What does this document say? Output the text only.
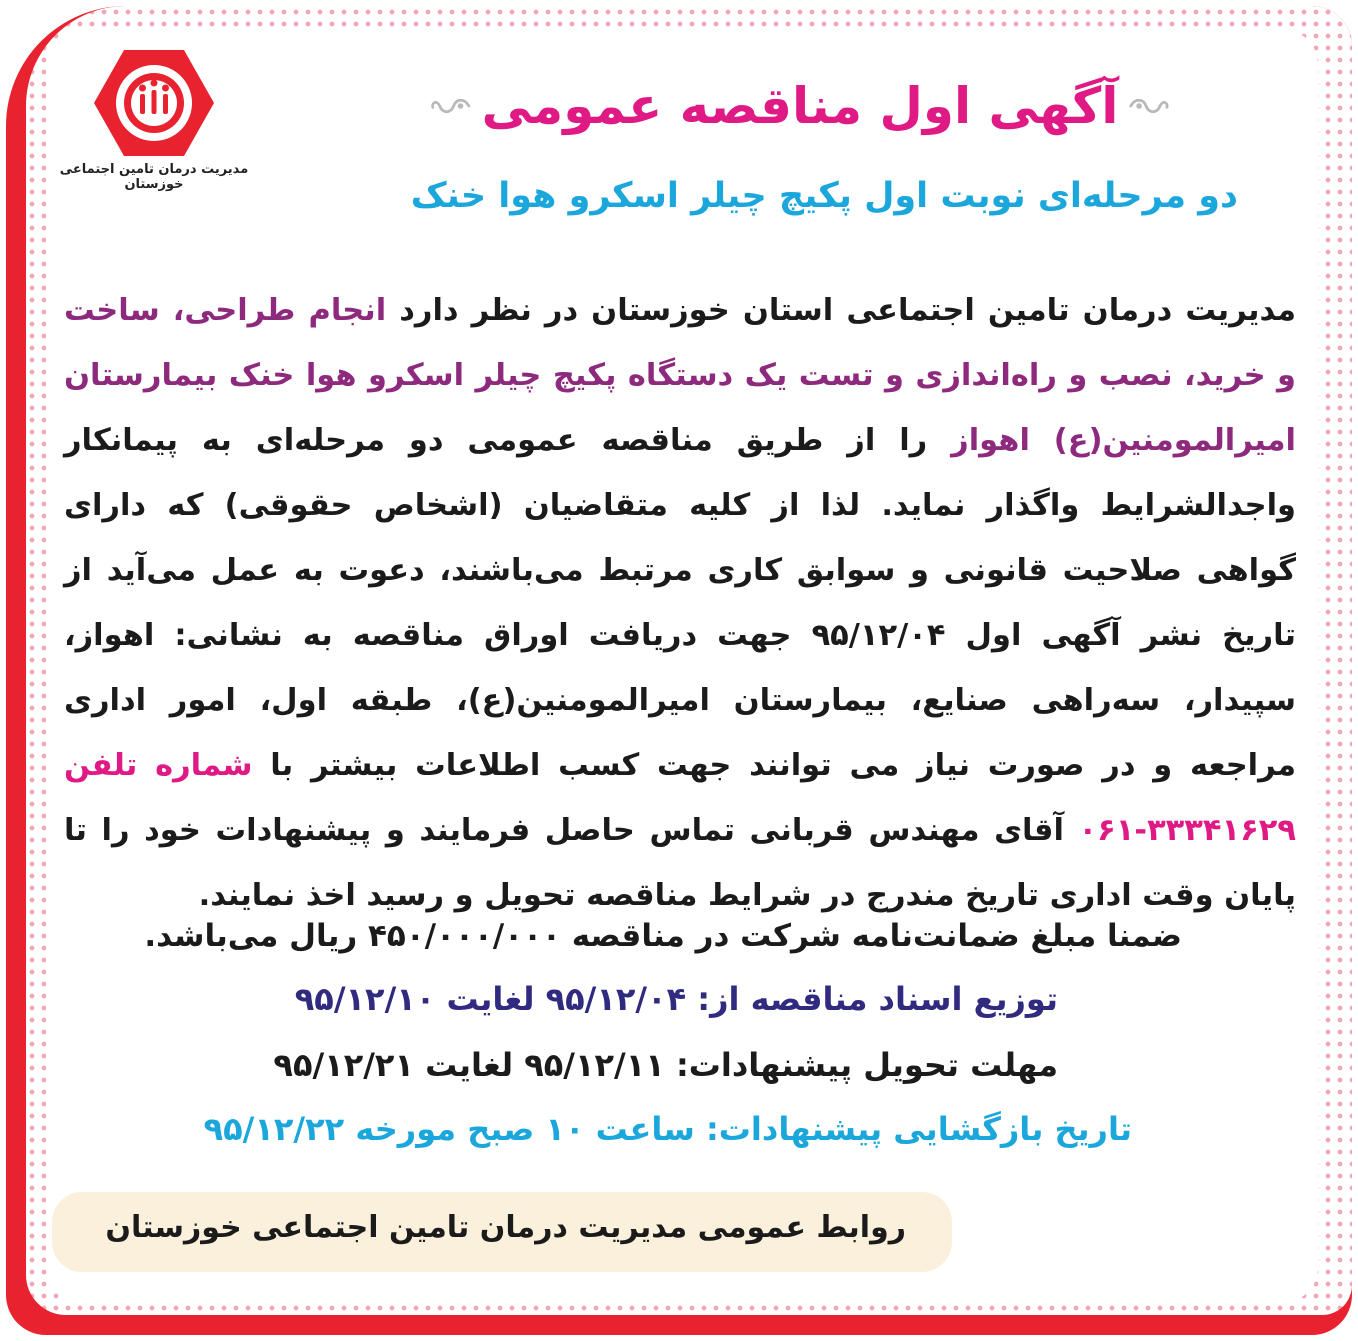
مدیریت درمان تامین اجتماعی خوزستان
آگهی اول مناقصه عمومی
دو مرحله‌ای نوبت اول پکیچ چیلر اسکرو هوا خنک
مدیریت درمان تامین اجتماعی استان خوزستان در نظر دارد انجام طراحی، ساخت و خرید، نصب و راه‌اندازی و تست یک دستگاه پکیچ چیلر اسکرو هوا خنک بیمارستان امیرالمومنین(ع) اهواز را از طریق مناقصه عمومی دو مرحله‌ای به پیمانکار واجدالشرایط واگذار نماید. لذا از کلیه متقاضیان (اشخاص حقوقی) که دارای گواهی صلاحیت قانونی و سوابق کاری مرتبط می‌باشند، دعوت به عمل می‌آید از تاریخ نشر آگهی اول ۹۵/۱۲/۰۴ جهت دریافت اوراق مناقصه به نشانی: اهواز، سپیدار، سه‌راهی صنایع، بیمارستان امیرالمومنین(ع)، طبقه اول، امور اداری مراجعه و در صورت نیاز می توانند جهت کسب اطلاعات بیشتر با شماره تلفن ۳۳۳۴۱۶۲۹-۰۶۱ آقای مهندس قربانی تماس حاصل فرمایند و پیشنهادات خود را تا پایان وقت اداری تاریخ مندرج در شرایط مناقصه تحویل و رسید اخذ نمایند.
ضمنا مبلغ ضمانت‌نامه شرکت در مناقصه ۴۵۰/۰۰۰/۰۰۰ ریال می‌باشد.
توزیع اسناد مناقصه از: ۹۵/۱۲/۰۴ لغایت ۹۵/۱۲/۱۰
مهلت تحویل پیشنهادات: ۹۵/۱۲/۱۱ لغایت ۹۵/۱۲/۲۱
تاریخ بازگشایی پیشنهادات: ساعت ۱۰ صبح مورخه ۹۵/۱۲/۲۲
روابط عمومی مدیریت درمان تامین اجتماعی خوزستان
